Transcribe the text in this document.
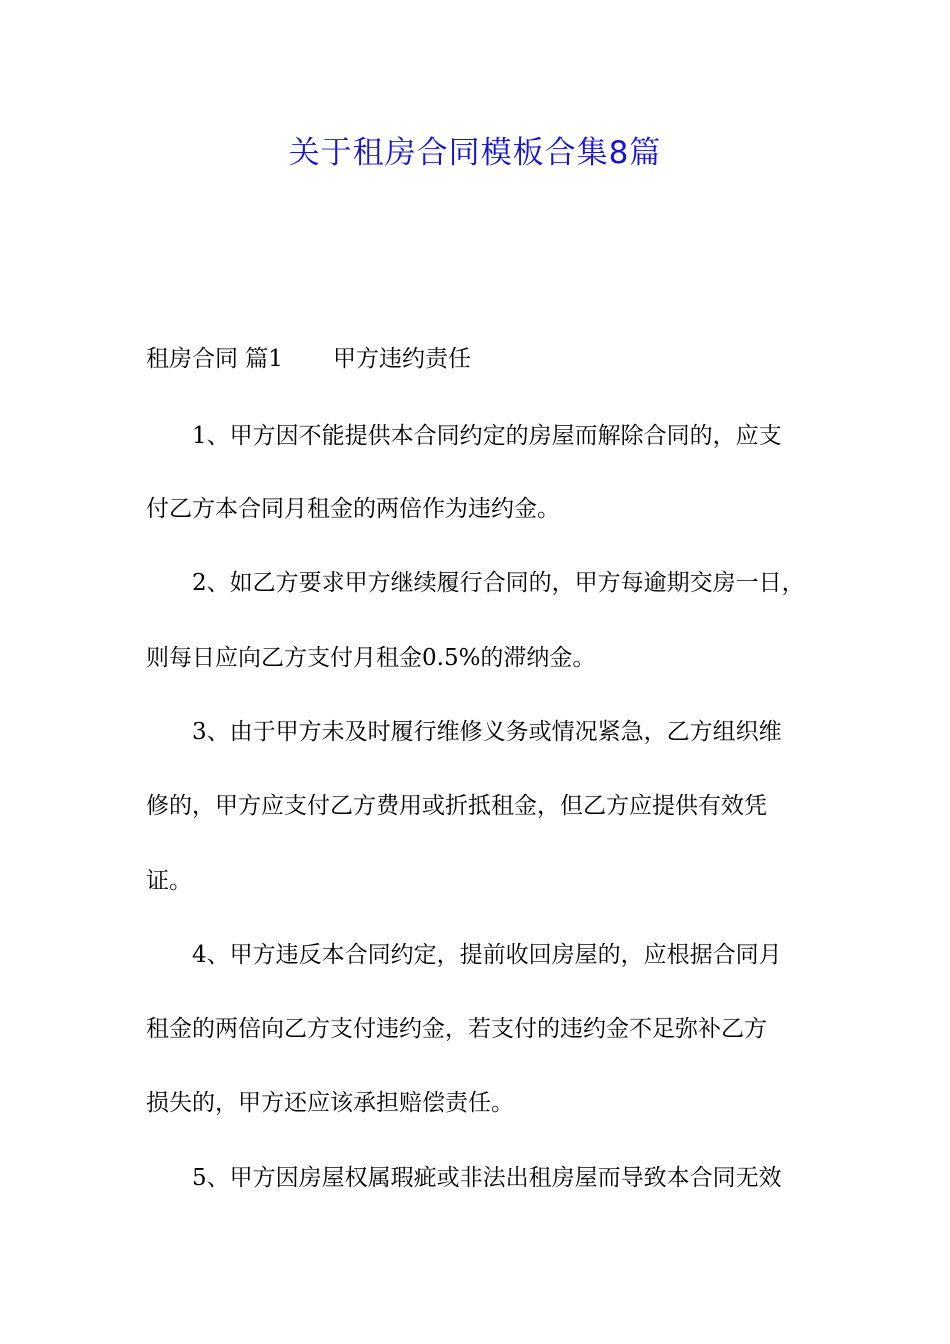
关于租房合同模板合集8篇
租房合同 篇1 甲方违约责任
1、甲方因不能提供本合同约定的房屋而解除合同的，应支
付乙方本合同月租金的两倍作为违约金。
2、如乙方要求甲方继续履行合同的，甲方每逾期交房一日，
则每日应向乙方支付月租金0.5%的滞纳金。
3、由于甲方未及时履行维修义务或情况紧急，乙方组织维
修的，甲方应支付乙方费用或折抵租金，但乙方应提供有效凭
证。
4、甲方违反本合同约定，提前收回房屋的，应根据合同月
租金的两倍向乙方支付违约金，若支付的违约金不足弥补乙方
损失的，甲方还应该承担赔偿责任。
5、甲方因房屋权属瑕疵或非法出租房屋而导致本合同无效
